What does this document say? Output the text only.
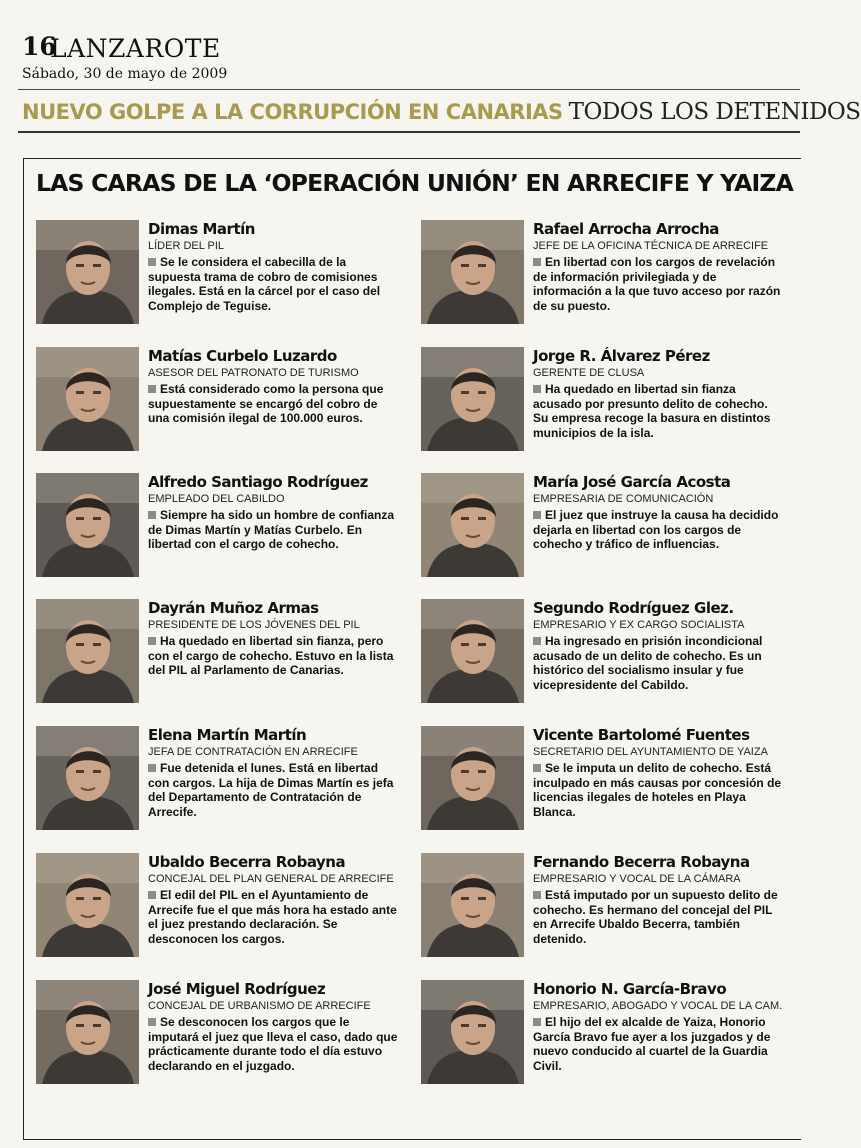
16
LANZAROTE
Sábado, 30 de mayo de 2009
NUEVO GOLPE A LA CORRUPCIÓN EN CANARIAS TODOS LOS DETENIDOS
LAS CARAS DE LA ‘OPERACIÓN UNIÓN’ EN ARRECIFE Y YAIZA
Dimas Martín
LÍDER DEL PIL
Se le considera el cabecilla de la supuesta trama de cobro de comisiones ilegales. Está en la cárcel por el caso del Complejo de Teguise.
Matías Curbelo Luzardo
ASESOR DEL PATRONATO DE TURISMO
Está considerado como la persona que supuestamente se encargó del cobro de una comisión ilegal de 100.000 euros.
Alfredo Santiago Rodríguez
EMPLEADO DEL CABILDO
Siempre ha sido un hombre de confianza de Dimas Martín y Matías Curbelo. En libertad con el cargo de cohecho.
Dayrán Muñoz Armas
PRESIDENTE DE LOS JÓVENES DEL PIL
Ha quedado en libertad sin fianza, pero con el cargo de cohecho. Estuvo en la lista del PIL al Parlamento de Canarias.
Elena Martín Martín
JEFA DE CONTRATACIÓN EN ARRECIFE
Fue detenida el lunes. Está en libertad con cargos. La hija de Dimas Martín es jefa del Departamento de Contratación de Arrecife.
Ubaldo Becerra Robayna
CONCEJAL DEL PLAN GENERAL DE ARRECIFE
El edil del PIL en el Ayuntamiento de Arrecife fue el que más hora ha estado ante el juez prestando declaración. Se desconocen los cargos.
José Miguel Rodríguez
CONCEJAL DE URBANISMO DE ARRECIFE
Se desconocen los cargos que le imputará el juez que lleva el caso, dado que prácticamente durante todo el día estuvo declarando en el juzgado.
Rafael Arrocha Arrocha
JEFE DE LA OFICINA TÉCNICA DE ARRECIFE
En libertad con los cargos de revelación de información privilegiada y de información a la que tuvo acceso por razón de su puesto.
Jorge R. Álvarez Pérez
GERENTE DE CLUSA
Ha quedado en libertad sin fianza acusado por presunto delito de cohecho. Su empresa recoge la basura en distintos municipios de la isla.
María José García Acosta
EMPRESARIA DE COMUNICACIÓN
El juez que instruye la causa ha decidido dejarla en libertad con los cargos de cohecho y tráfico de influencias.
Segundo Rodríguez Glez.
EMPRESARIO Y EX CARGO SOCIALISTA
Ha ingresado en prisión incondicional acusado de un delito de cohecho. Es un histórico del socialismo insular y fue vicepresidente del Cabildo.
Vicente Bartolomé Fuentes
SECRETARIO DEL AYUNTAMIENTO DE YAIZA
Se le imputa un delito de cohecho. Está inculpado en más causas por concesión de licencias ilegales de hoteles en Playa Blanca.
Fernando Becerra Robayna
EMPRESARIO Y VOCAL DE LA CÁMARA
Está imputado por un supuesto delito de cohecho. Es hermano del concejal del PIL en Arrecife Ubaldo Becerra, también detenido.
Honorio N. García-Bravo
EMPRESARIO, ABOGADO Y VOCAL DE LA CAM.
El hijo del ex alcalde de Yaiza, Honorio García Bravo fue ayer a los juzgados y de nuevo conducido al cuartel de la Guardia Civil.
